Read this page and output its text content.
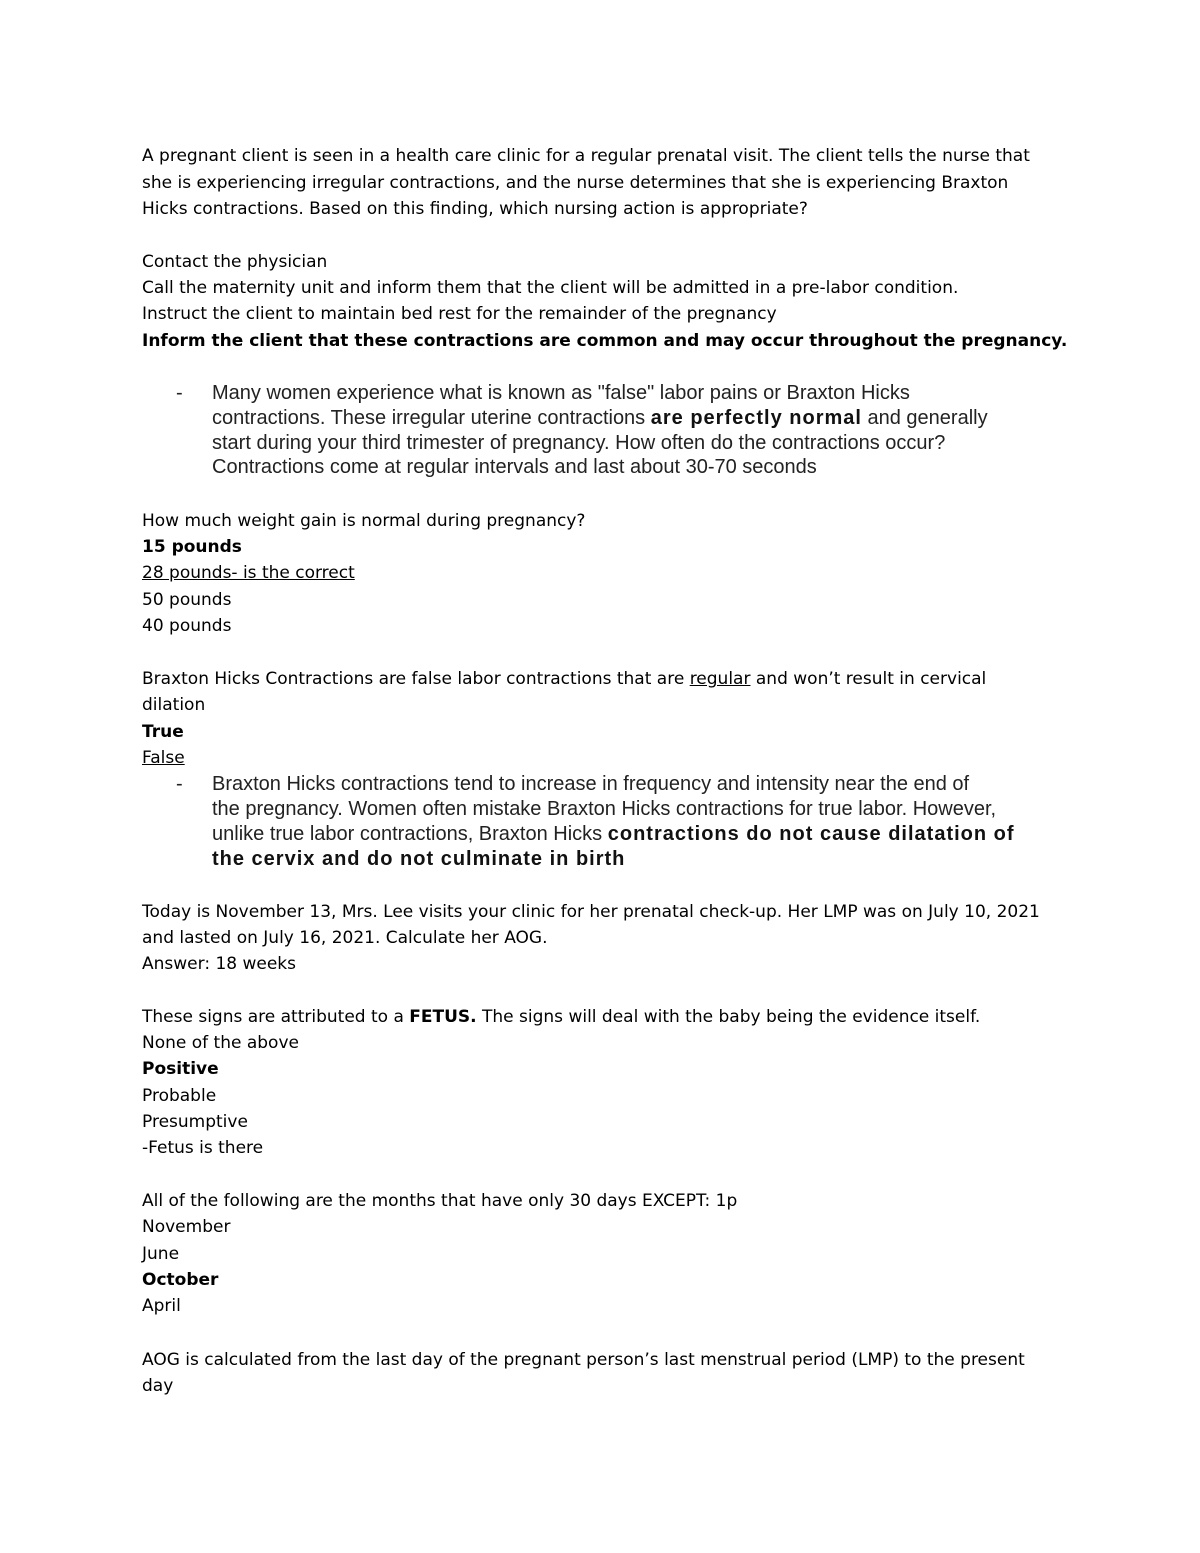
A pregnant client is seen in a health care clinic for a regular prenatal visit. The client tells the nurse that

she is experiencing irregular contractions, and the nurse determines that she is experiencing Braxton

Hicks contractions. Based on this finding, which nursing action is appropriate?

Contact the physician

Call the maternity unit and inform them that the client will be admitted in a pre-labor condition.

Instruct the client to maintain bed rest for the remainder of the pregnancy

Inform the client that these contractions are common and may occur throughout the pregnancy.

- Many women experience what is known as "false" labor pains or Braxton Hicks

contractions. These irregular uterine contractions are perfectly normal and generally

start during your third trimester of pregnancy. How often do the contractions occur?

Contractions come at regular intervals and last about 30-70 seconds

How much weight gain is normal during pregnancy?

15 pounds

28 pounds- is the correct

50 pounds

40 pounds

Braxton Hicks Contractions are false labor contractions that are regular and won’t result in cervical

dilation

True

False

- Braxton Hicks contractions tend to increase in frequency and intensity near the end of

the pregnancy. Women often mistake Braxton Hicks contractions for true labor. However,

unlike true labor contractions, Braxton Hicks contractions do not cause dilatation of

the cervix and do not culminate in birth

Today is November 13, Mrs. Lee visits your clinic for her prenatal check-up. Her LMP was on July 10, 2021

and lasted on July 16, 2021. Calculate her AOG.

Answer: 18 weeks

These signs are attributed to a FETUS. The signs will deal with the baby being the evidence itself.

None of the above

Positive

Probable

Presumptive

-Fetus is there

All of the following are the months that have only 30 days EXCEPT: 1p

November

June

October

April

AOG is calculated from the last day of the pregnant person’s last menstrual period (LMP) to the present

day
